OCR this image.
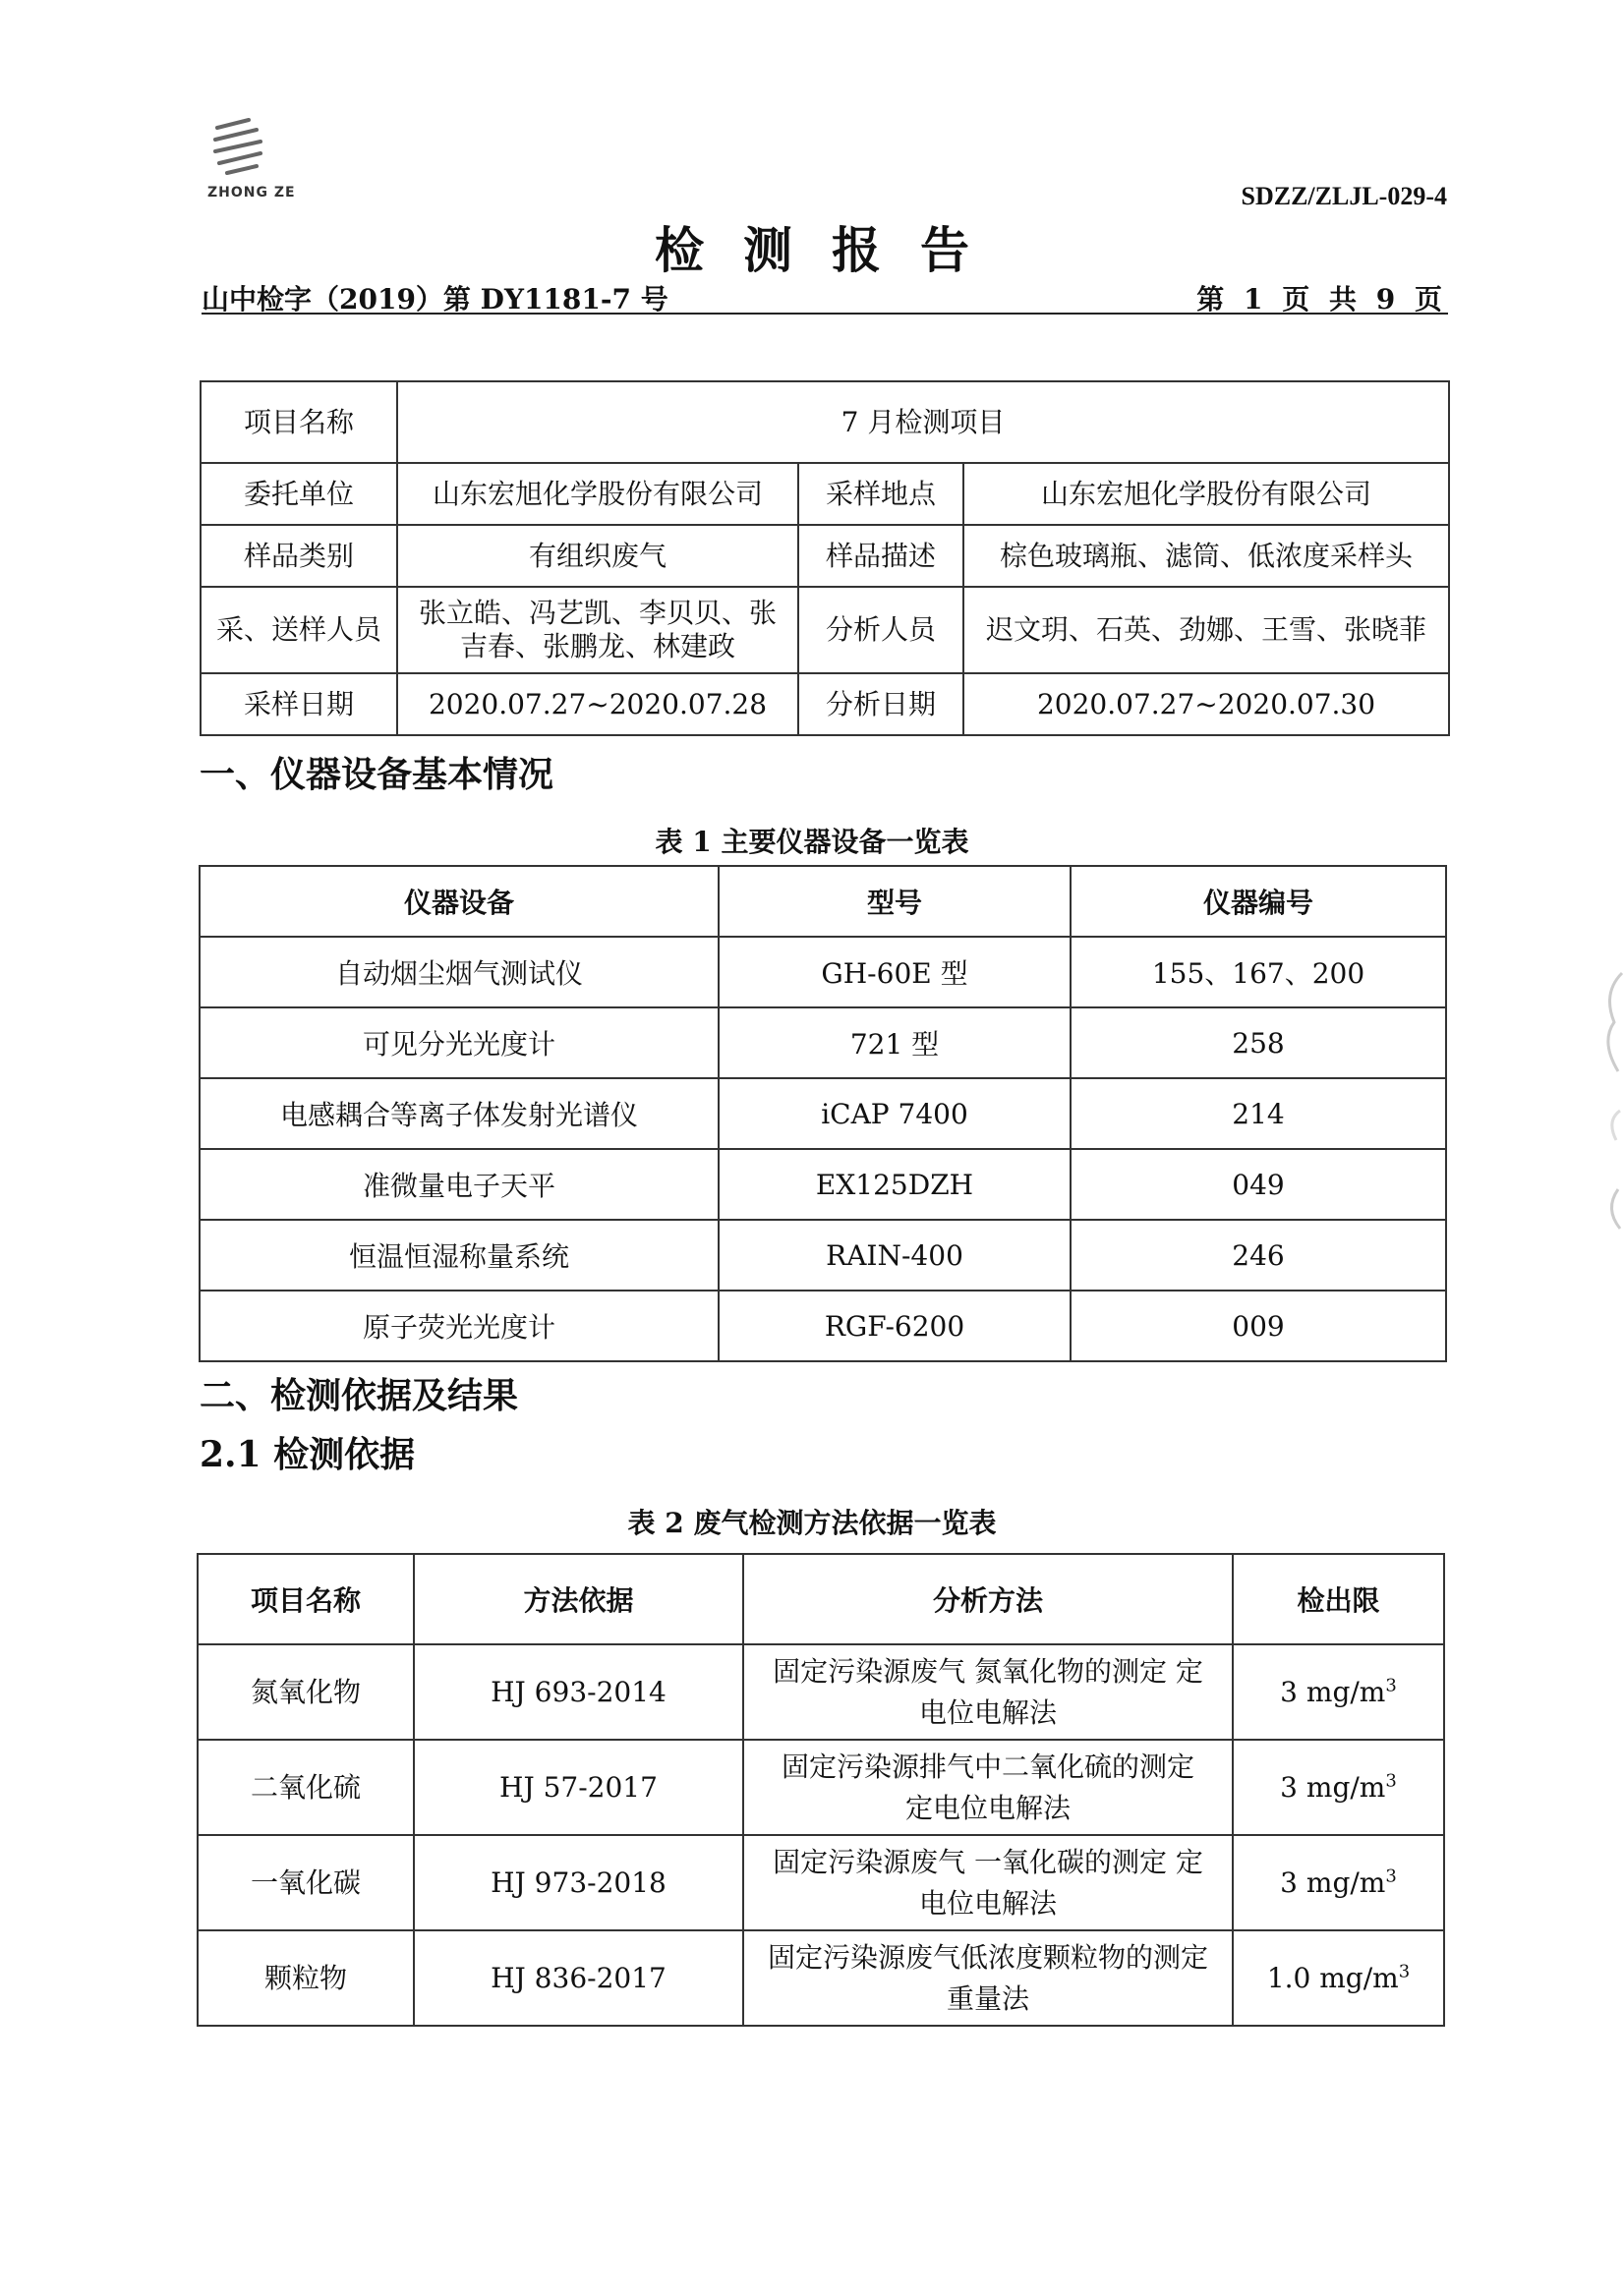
ZHONG ZE	SDZZ/ZLJL-029-4
检测报告
山中检字（2019）第 DY1181-7 号	第 1 页 共 9 页
项目名称	7 月检测项目		
委托单位	山东宏旭化学股份有限公司	采样地点	山东宏旭化学股份有限公司
样品类别	有组织废气	样品描述	棕色玻璃瓶、滤筒、低浓度采样头
采、送样人员	张立皓、冯艺凯、李贝贝、张吉春、张鹏龙、林建政	分析人员	迟文玥、石英、劲娜、王雪、张晓菲
采样日期	2020.07.27~2020.07.28	分析日期	2020.07.27~2020.07.30
一、仪器设备基本情况
表 1 主要仪器设备一览表
仪器设备	型号	仪器编号
自动烟尘烟气测试仪	GH-60E 型	155、167、200
可见分光光度计	721 型	258
电感耦合等离子体发射光谱仪	iCAP 7400	214
准微量电子天平	EX125DZH	049
恒温恒湿称量系统	RAIN-400	246
原子荧光光度计	RGF-6200	009
二、检测依据及结果
2.1 检测依据
表 2 废气检测方法依据一览表
项目名称	方法依据	分析方法	检出限
氮氧化物	HJ 693-2014	固定污染源废气 氮氧化物的测定 定电位电解法	3 $mg/m^3$
二氧化硫	HJ 57-2017	固定污染源排气中二氧化硫的测定 定电位电解法	3 $mg/m^3$
一氧化碳	HJ 973-2018	固定污染源废气 一氧化碳的测定 定电位电解法	3 $mg/m^3$
颗粒物	HJ 836-2017	固定污染源废气低浓度颗粒物的测定 重量法	1.0 $mg/m^3$
